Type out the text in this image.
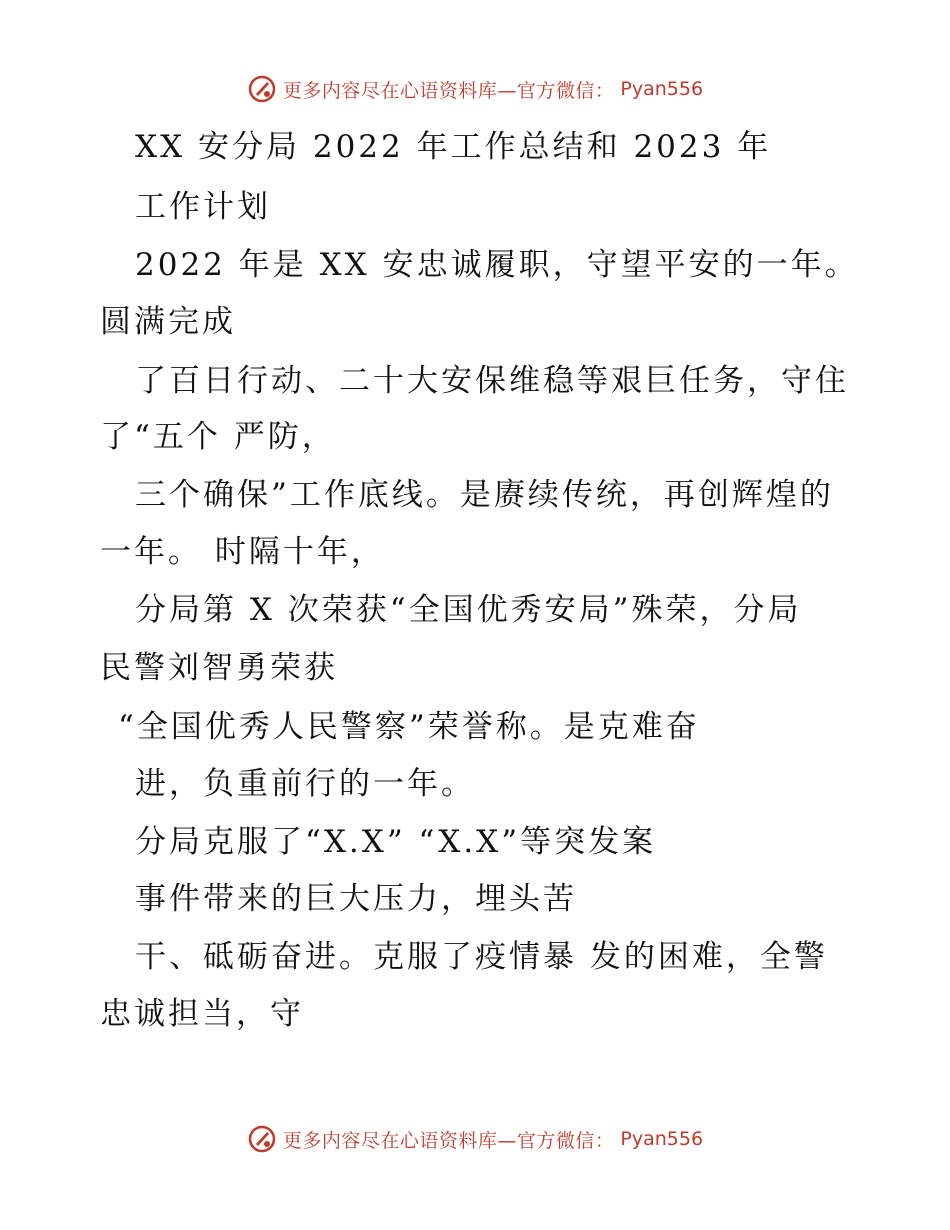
更多内容尽在心语资料库—官方微信： Pyan556
XX 安分局 2022 年工作总结和 2023 年
工作计划
2022 年是 XX 安忠诚履职，守望平安的一年。
圆满完成
了百日行动、二十大安保维稳等艰巨任务，守住
了“五个 严防，
三个确保”工作底线。是赓续传统，再创辉煌的
一年。 时隔十年，
分局第 X 次荣获“全国优秀安局”殊荣，分局
民警刘智勇荣获
“全国优秀人民警察”荣誉称。是克难奋
进，负重前行的一年。
分局克服了“X.X” “X.X”等突发案
事件带来的巨大压力，埋头苦
干、砥砺奋进。克服了疫情暴 发的困难，全警
忠诚担当，守
更多内容尽在心语资料库—官方微信： Pyan556
